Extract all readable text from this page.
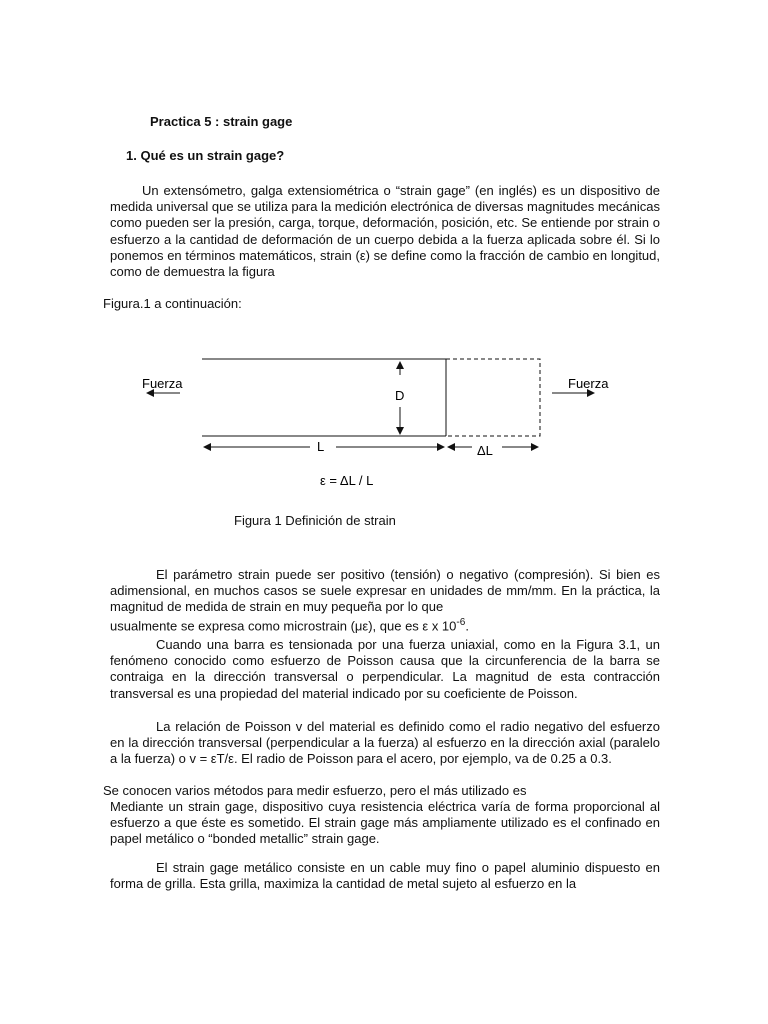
Practica 5 : strain gage
1. Qué es un strain gage?
Un extensómetro, galga extensiométrica o “strain gage” (en inglés) es un dispositivo de medida universal que se utiliza para la medición electrónica de diversas magnitudes mecánicas como pueden ser la presión, carga, torque, deformación, posición, etc. Se entiende por strain o esfuerzo a la cantidad de deformación de un cuerpo debida a la fuerza aplicada sobre él. Si lo ponemos en términos matemáticos, strain (ε) se define como la fracción de cambio en longitud, como de demuestra la figura
Figura.1 a continuación:
D
Fuerza	Fuerza
L	ΔL
ε = ΔL / L
Figura 1 Definición de strain
El parámetro strain puede ser positivo (tensión) o negativo (compresión). Si bien es adimensional, en muchos casos se suele expresar en unidades de mm/mm. En la práctica, la magnitud de medida de strain en muy pequeña por lo que
usualmente se expresa como microstrain (με), que es ε x $10^{-6}$.
Cuando una barra es tensionada por una fuerza uniaxial, como en la Figura 3.1, un fenómeno conocido como esfuerzo de Poisson causa que la circunferencia de la barra se contraiga en la dirección transversal o perpendicular. La magnitud de esta contracción transversal es una propiedad del material indicado por su coeficiente de Poisson.
La relación de Poisson v del material es definido como el radio negativo del esfuerzo en la dirección transversal (perpendicular a la fuerza) al esfuerzo en la dirección axial (paralelo a la fuerza) o v = εT/ε. El radio de Poisson para el acero, por ejemplo, va de 0.25 a 0.3.
Se conocen varios métodos para medir esfuerzo, pero el más utilizado es
Mediante un strain gage, dispositivo cuya resistencia eléctrica varía de forma proporcional al esfuerzo a que éste es sometido. El strain gage más ampliamente utilizado es el confinado en papel metálico o “bonded metallic” strain gage.
El strain gage metálico consiste en un cable muy fino o papel aluminio dispuesto en forma de grilla. Esta grilla, maximiza la cantidad de metal sujeto al esfuerzo en la
